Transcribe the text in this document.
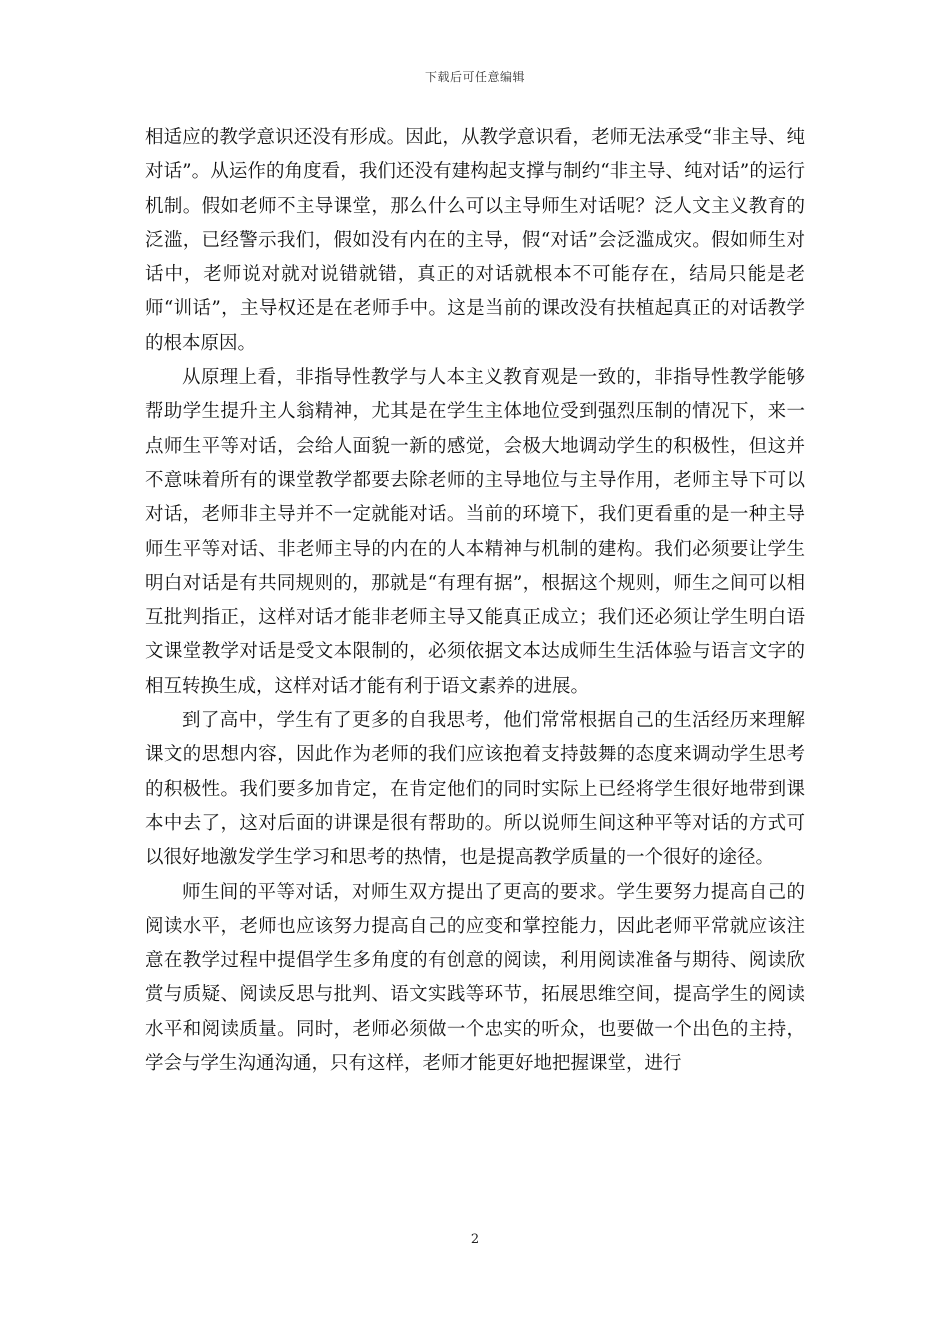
下载后可任意编辑

相适应的教学意识还没有形成。因此，从教学意识看，老师无法承受“非主导、纯对话”。从运作的角度看，我们还没有建构起支撑与制约“非主导、纯对话”的运行机制。假如老师不主导课堂，那么什么可以主导师生对话呢？泛人文主义教育的泛滥，已经警示我们，假如没有内在的主导，假“对话”会泛滥成灾。假如师生对话中，老师说对就对说错就错，真正的对话就根本不可能存在，结局只能是老师“训话”，主导权还是在老师手中。这是当前的课改没有扶植起真正的对话教学的根本原因。

从原理上看，非指导性教学与人本主义教育观是一致的，非指导性教学能够帮助学生提升主人翁精神，尤其是在学生主体地位受到强烈压制的情况下，来一点师生平等对话，会给人面貌一新的感觉，会极大地调动学生的积极性，但这并不意味着所有的课堂教学都要去除老师的主导地位与主导作用，老师主导下可以对话，老师非主导并不一定就能对话。当前的环境下，我们更看重的是一种主导师生平等对话、非老师主导的内在的人本精神与机制的建构。我们必须要让学生明白对话是有共同规则的，那就是“有理有据”，根据这个规则，师生之间可以相互批判指正，这样对话才能非老师主导又能真正成立；我们还必须让学生明白语文课堂教学对话是受文本限制的，必须依据文本达成师生生活体验与语言文字的相互转换生成，这样对话才能有利于语文素养的进展。

到了高中，学生有了更多的自我思考，他们常常根据自己的生活经历来理解课文的思想内容，因此作为老师的我们应该抱着支持鼓舞的态度来调动学生思考的积极性。我们要多加肯定，在肯定他们的同时实际上已经将学生很好地带到课本中去了，这对后面的讲课是很有帮助的。所以说师生间这种平等对话的方式可以很好地激发学生学习和思考的热情，也是提高教学质量的一个很好的途径。

师生间的平等对话，对师生双方提出了更高的要求。学生要努力提高自己的阅读水平，老师也应该努力提高自己的应变和掌控能力，因此老师平常就应该注意在教学过程中提倡学生多角度的有创意的阅读，利用阅读准备与期待、阅读欣赏与质疑、阅读反思与批判、语文实践等环节，拓展思维空间，提高学生的阅读水平和阅读质量。同时，老师必须做一个忠实的听众，也要做一个出色的主持，学会与学生沟通沟通，只有这样，老师才能更好地把握课堂，进行

2
